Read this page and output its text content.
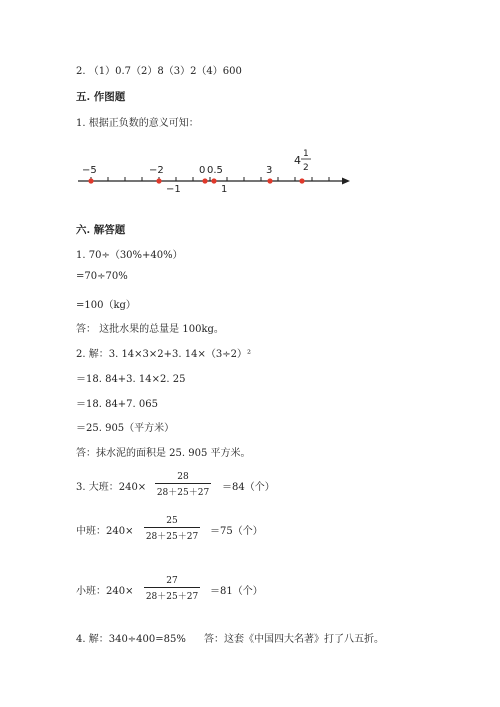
2. （1）0.7（2）8（3）2（4）600
五. 作图题
1. 根据正负数的意义可知：
−5	−2	0 0.5	3
−1	1
4 1
2
六. 解答题
1. 70÷（30%+40%）
=70÷70%
=100（kg）
答： 这批水果的总量是 100kg。
2. 解：3. 14×3×2+3. 14×（3÷2）²
＝18. 84+3. 14×2. 25
＝18. 84+7. 065
＝25. 905（平方米）
答：抹水泥的面积是 25. 905 平方米。
3. 大班：$240\times \frac{28}{28+25+27} =84$（个）
中班：$240\times \frac{25}{28+25+27} =75$（个）
小班：$240\times \frac{27}{28+25+27} =81$（个）
4. 解：340÷400=85% 答：这套《中国四大名著》打了八五折。
